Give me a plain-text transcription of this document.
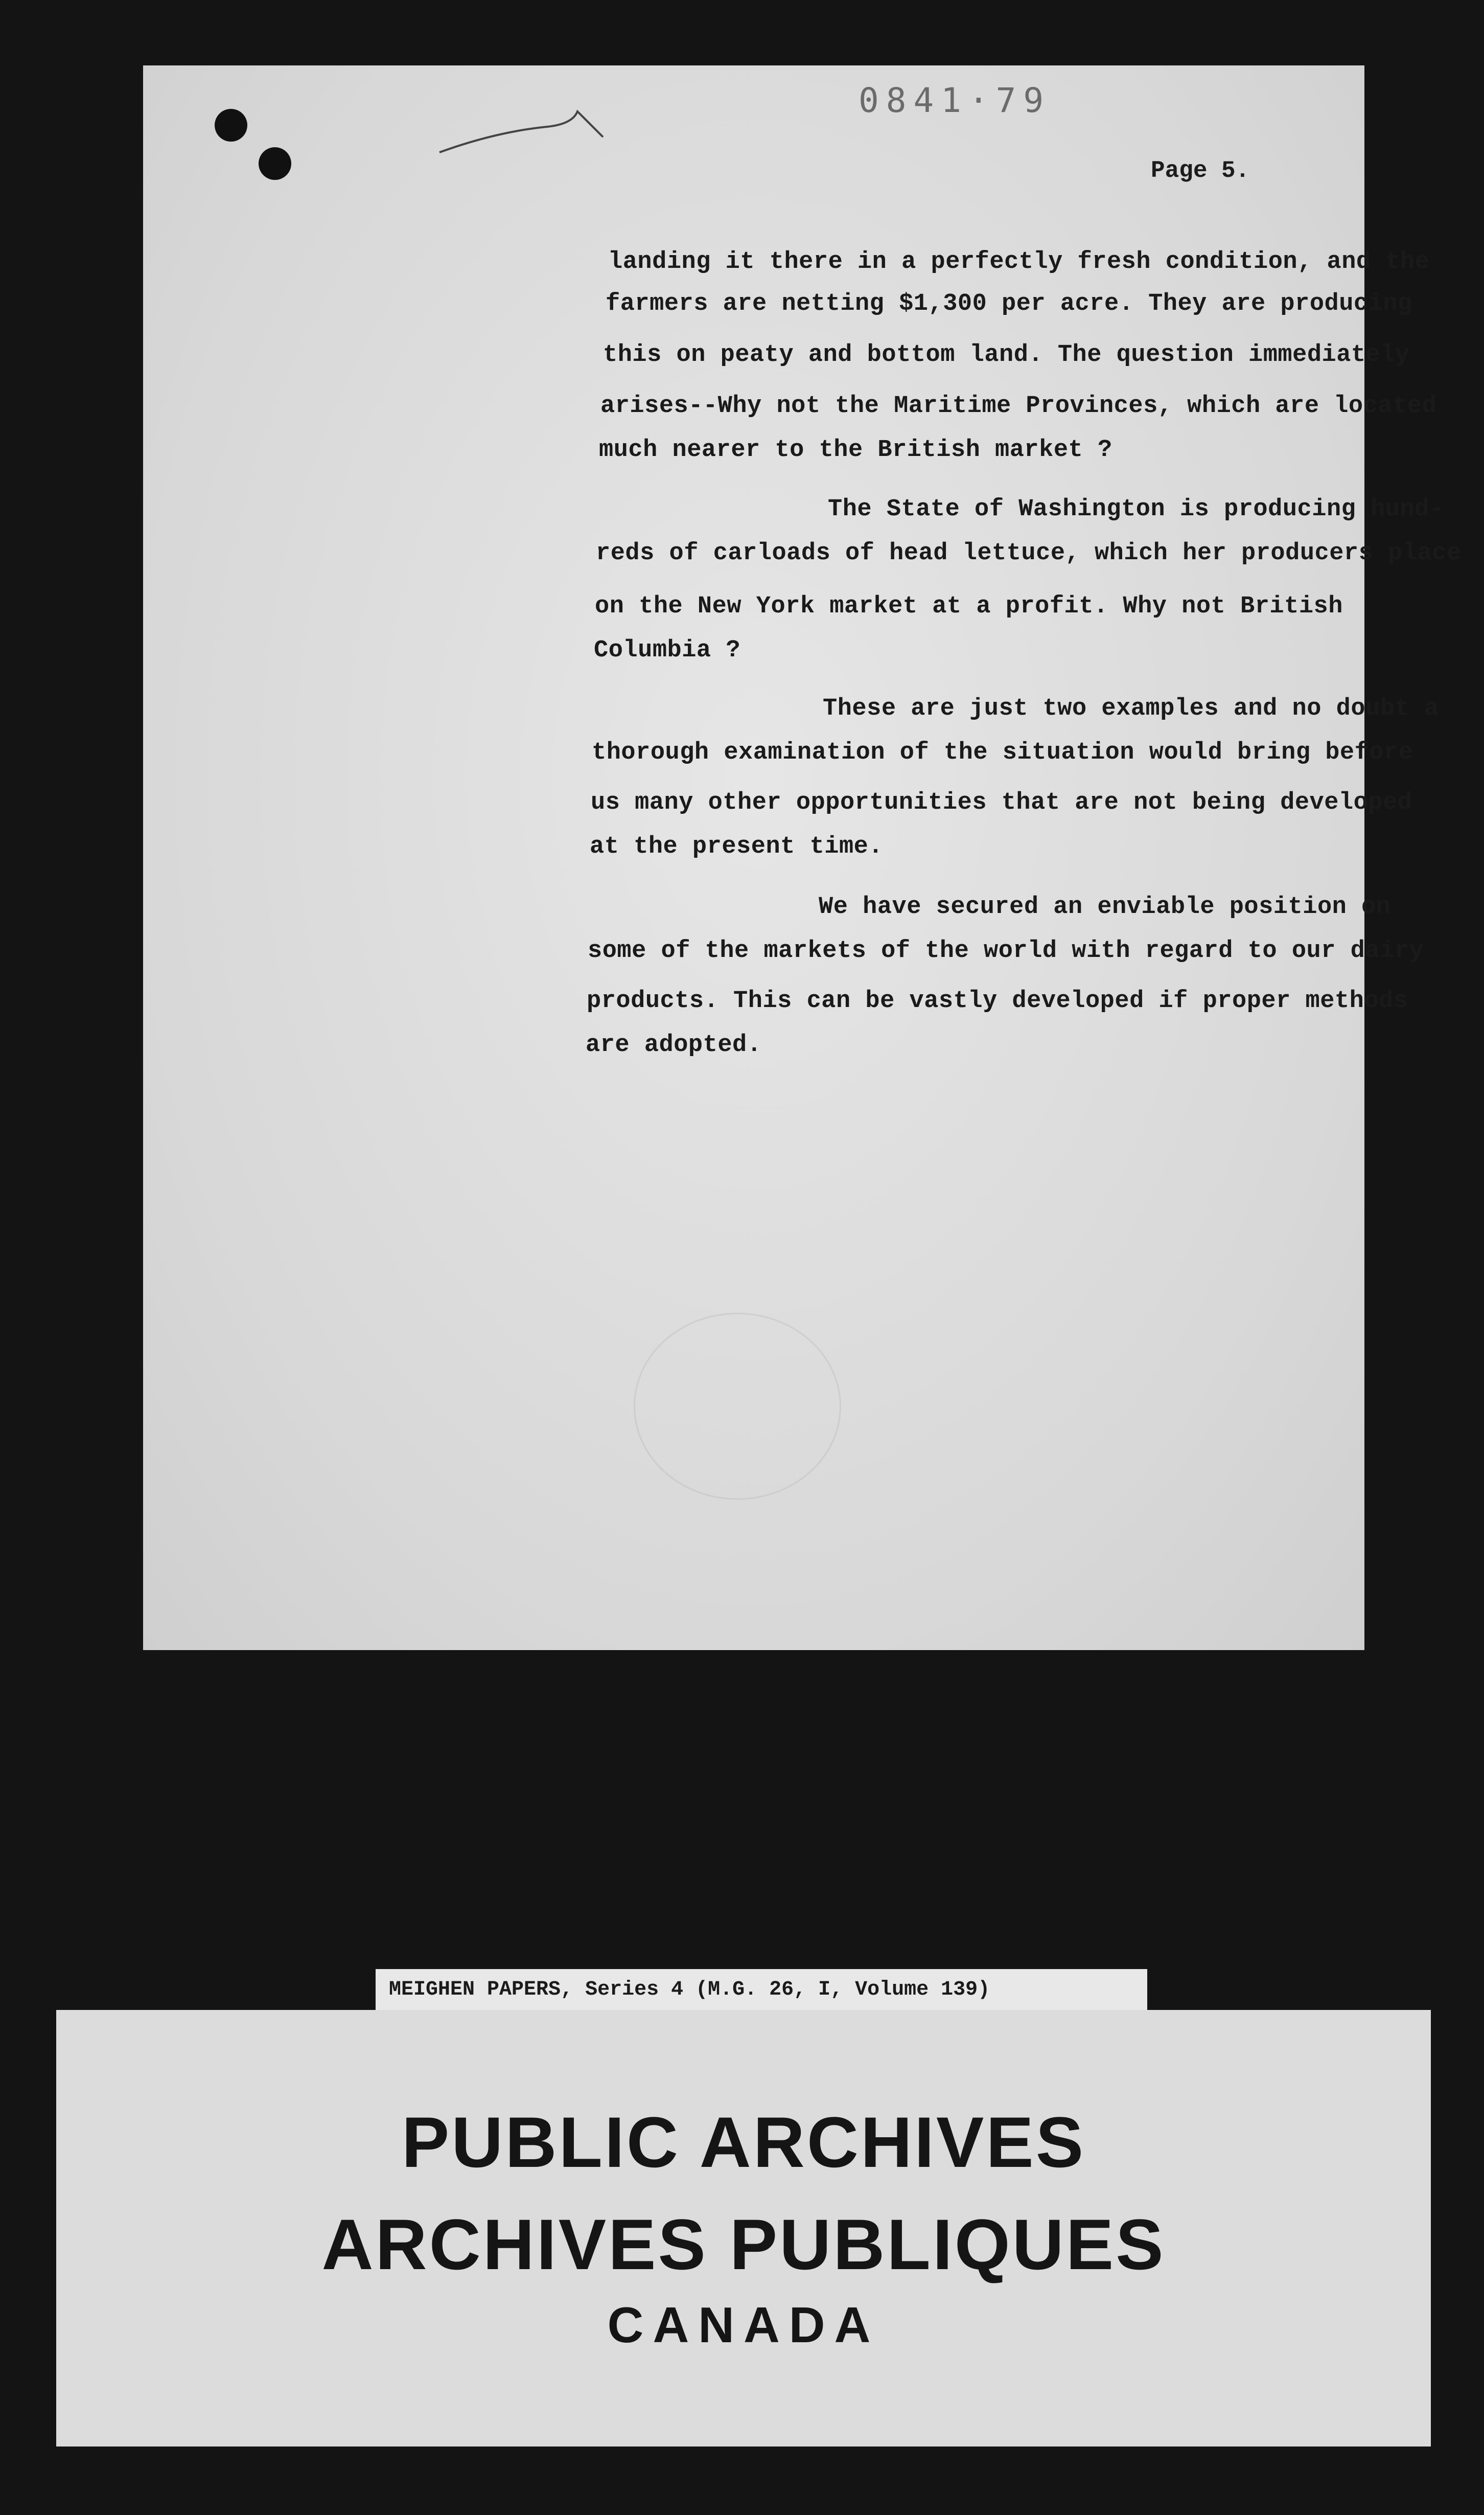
0841·79
Page 5.
landing it there in a perfectly fresh condition, and the
farmers are netting $1,300 per acre. They are producing
this on peaty and bottom land. The question immediately
arises--Why not the Maritime Provinces, which are located
much nearer to the British market ?
The State of Washington is producing hund-
reds of carloads of head lettuce, which her producers place
on the New York market at a profit. Why not British
Columbia ?
These are just two examples and no doubt a
thorough examination of the situation would bring before
us many other opportunities that are not being developed
at the present time.
We have secured an enviable position on
some of the markets of the world with regard to our dairy
products. This can be vastly developed if proper methods
are adopted.
MEIGHEN PAPERS, Series 4 (M.G. 26, I, Volume 139)
PUBLIC ARCHIVES
ARCHIVES PUBLIQUES
CANADA
